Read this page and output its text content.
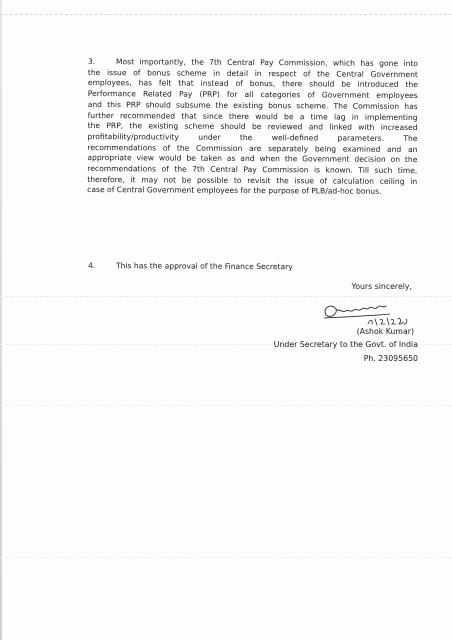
3.	Most importantly, the 7th Central Pay Commission, which has gone into
the issue of bonus scheme in detail in respect of the Central Government
employees, has felt that instead of bonus, there should be introduced the
Performance Related Pay (PRP) for all categories of Government employees
and this PRP should subsume the existing bonus scheme. The Commission has
further recommended that since there would be a time lag in implementing
the PRP, the existing scheme should be reviewed and linked with increased
profitability/productivity under the well-defined parameters. The
recommendations of the Commission are separately being examined and an
appropriate view would be taken as and when the Government decision on the
recommendations of the 7th Central Pay Commission is known. Till such time,
therefore, it may not be possible to revisit the issue of calculation ceiling in
case of Central Government employees for the purpose of PLB/ad-hoc bonus.
4.	This has the approval of the Finance Secretary
Yours sincerely,
(Ashok Kumar)
Under Secretary to the Govt. of India
Ph. 23095650
